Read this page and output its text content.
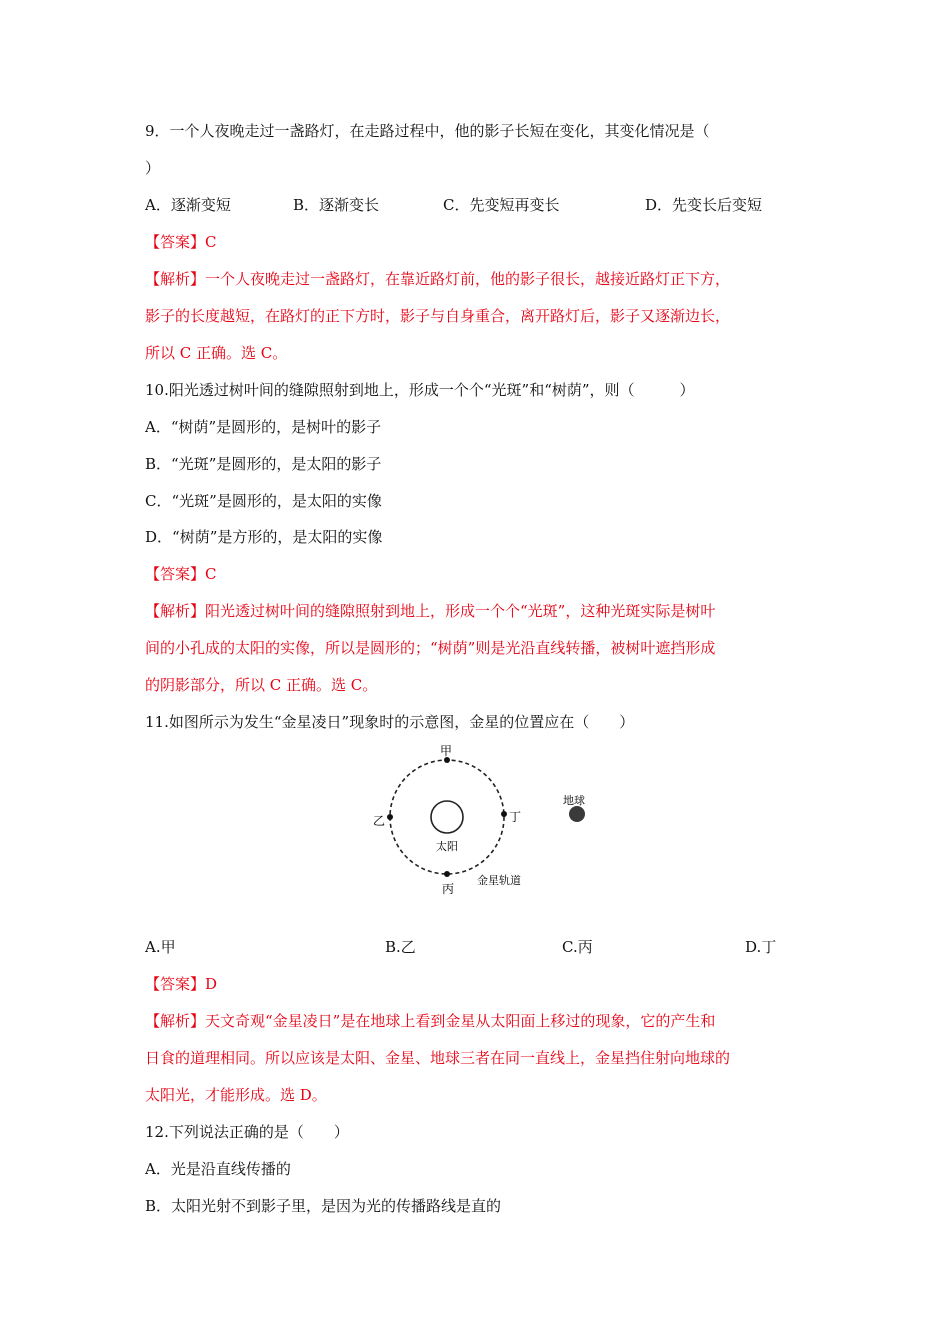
9．一个人夜晚走过一盏路灯，在走路过程中，他的影子长短在变化，其变化情况是（
）
A．逐渐变短	B．逐渐变长	C．先变短再变长	D．先变长后变短
【答案】C
【解析】一个人夜晚走过一盏路灯，在靠近路灯前，他的影子很长，越接近路灯正下方，
影子的长度越短，在路灯的正下方时，影子与自身重合，离开路灯后，影子又逐渐边长，
所以 C 正确。选 C。
10.阳光透过树叶间的缝隙照射到地上，形成一个个“光斑”和“树荫”，则（　　　）
A．“树荫”是圆形的，是树叶的影子
B．“光斑”是圆形的，是太阳的影子
C．“光斑”是圆形的，是太阳的实像
D．“树荫”是方形的，是太阳的实像
【答案】C
【解析】阳光透过树叶间的缝隙照射到地上，形成一个个“光斑”，这种光斑实际是树叶
间的小孔成的太阳的实像，所以是圆形的；“树荫”则是光沿直线转播，被树叶遮挡形成
的阴影部分，所以 C 正确。选 C。
11.如图所示为发生“金星凌日”现象时的示意图，金星的位置应在（　　）
甲
乙
丙
丁
太阳
地球
金星轨道
A.甲	B.乙	C.丙	D.丁
【答案】D
【解析】天文奇观“金星凌日”是在地球上看到金星从太阳面上移过的现象，它的产生和
日食的道理相同。所以应该是太阳、金星、地球三者在同一直线上，金星挡住射向地球的
太阳光，才能形成。选 D。
12.下列说法正确的是（　　）
A．光是沿直线传播的
B．太阳光射不到影子里，是因为光的传播路线是直的
